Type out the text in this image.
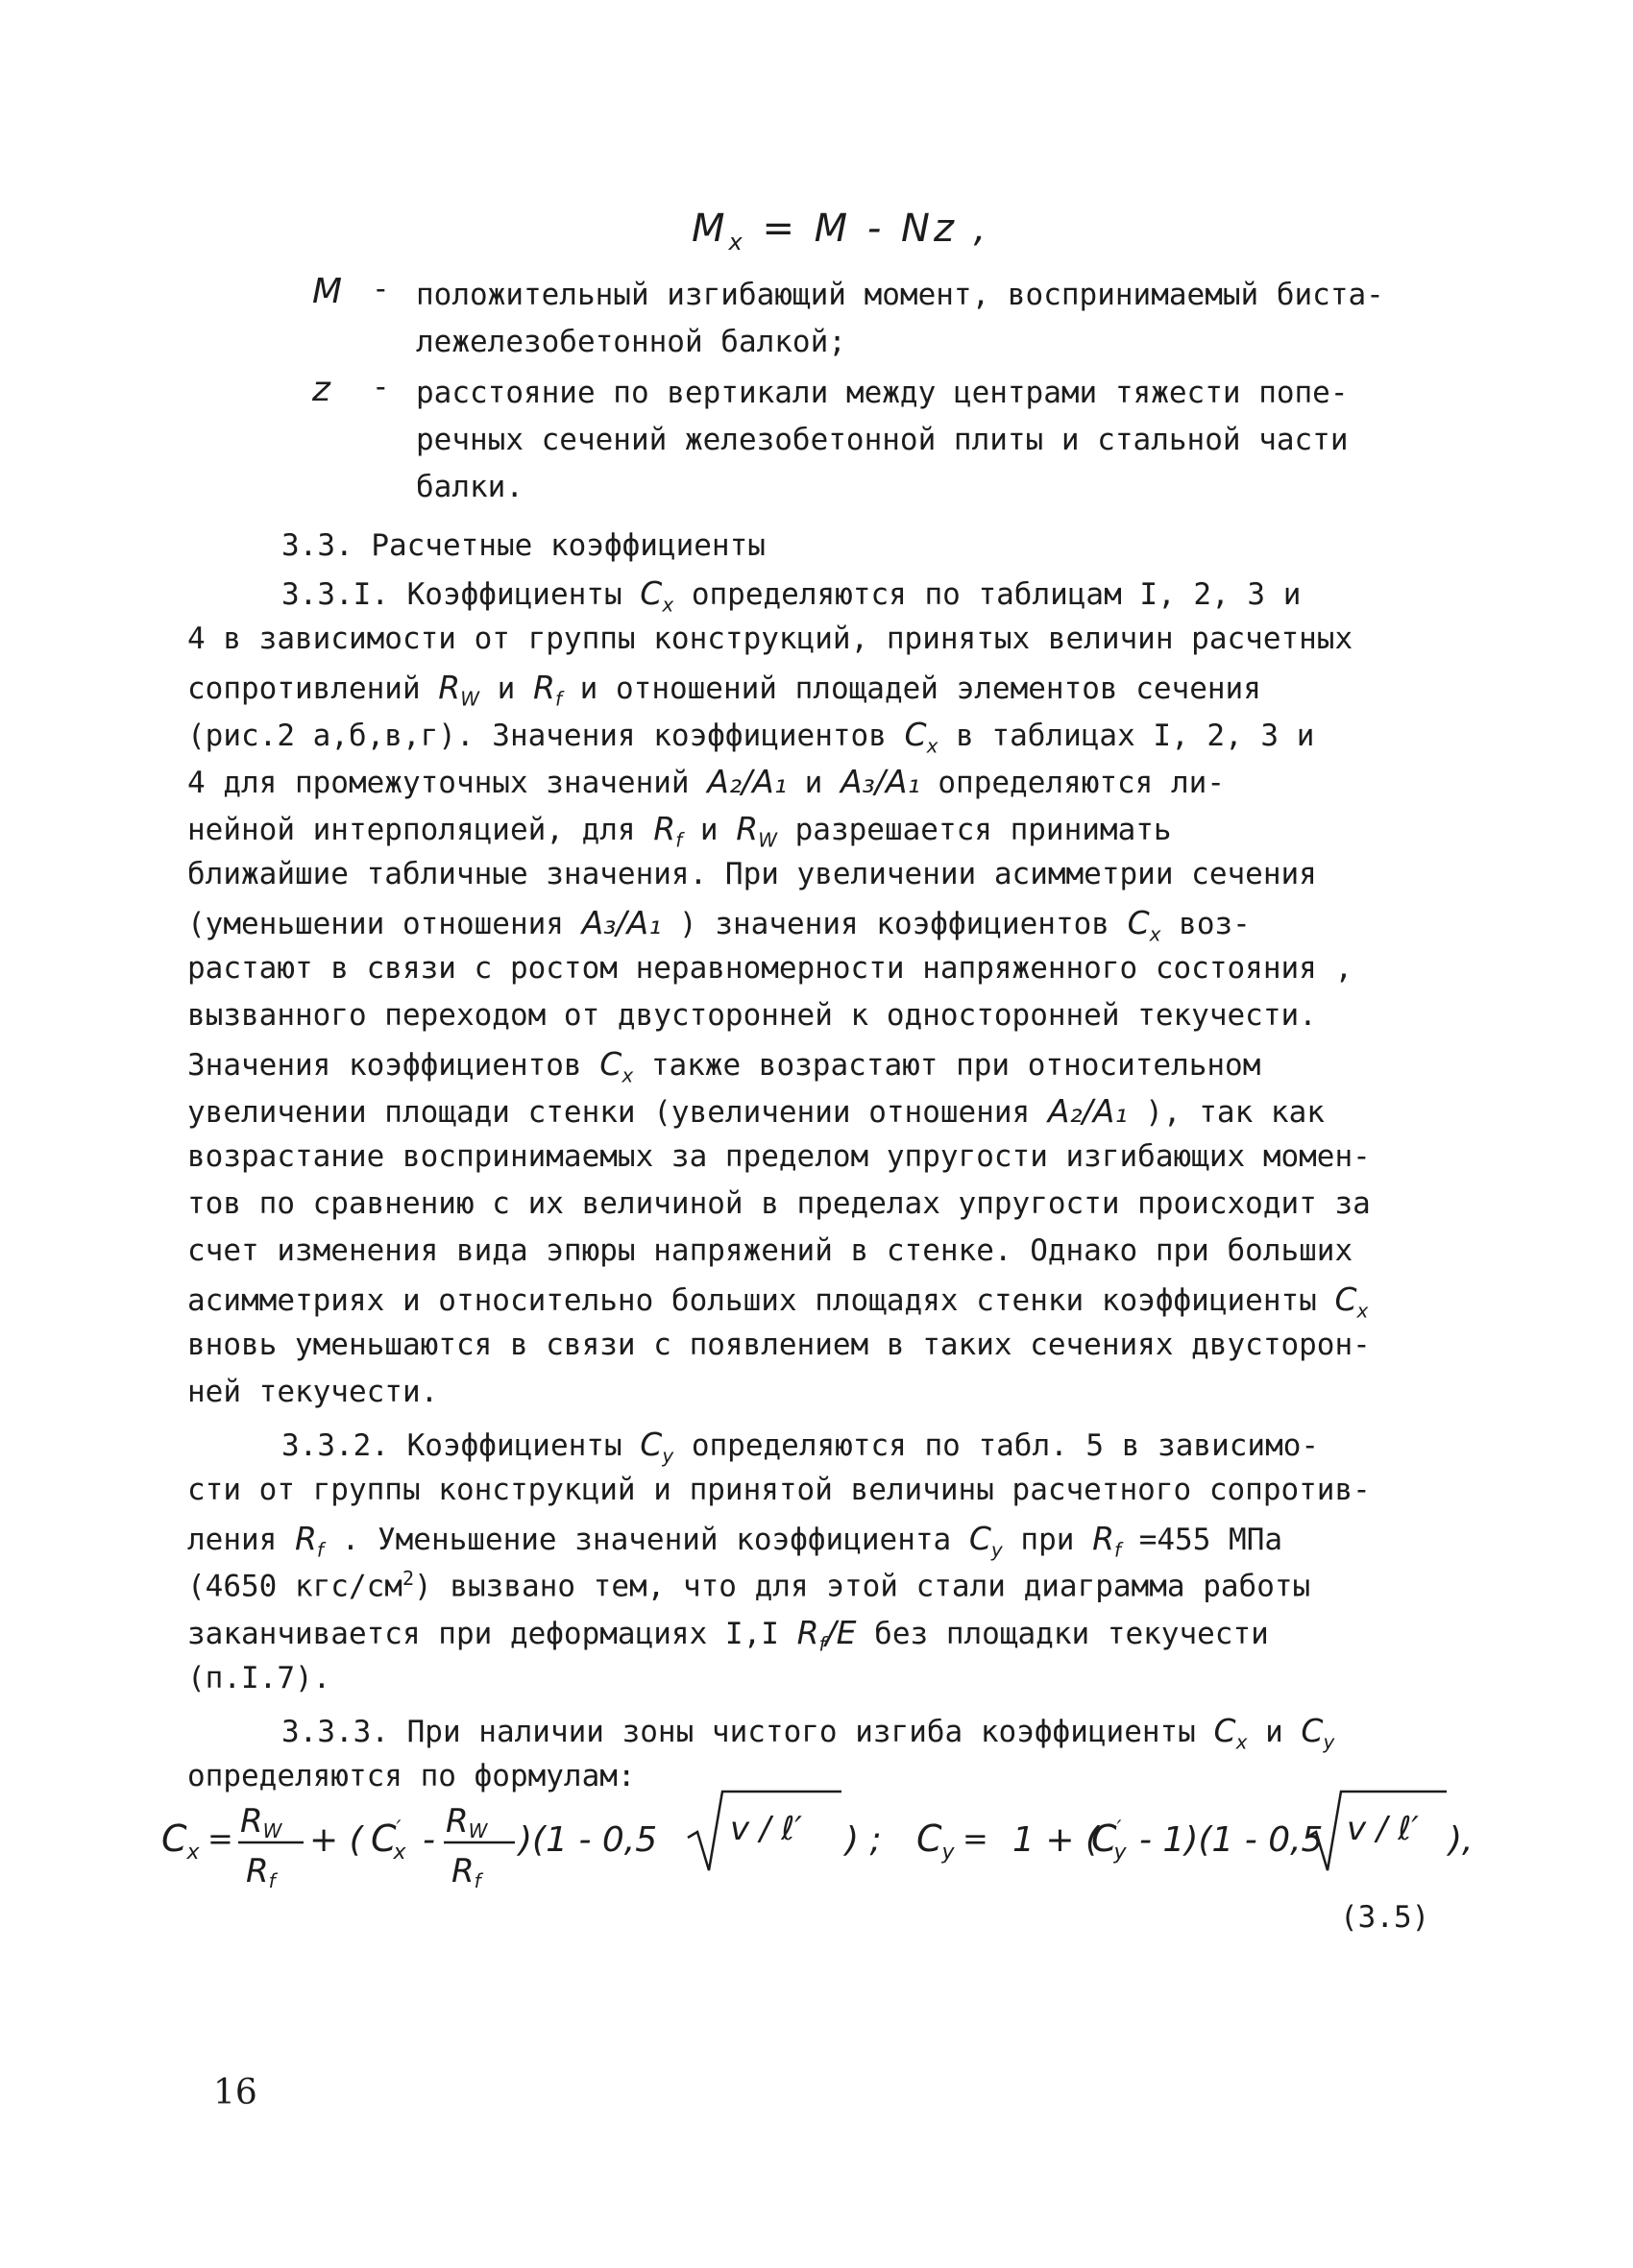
$M_x = M - Nz$ ,
M - положительный изгибающий момент, воспринимаемый биста-
лежелезобетонной балкой;
z	- расстояние по вертикали между центрами тяжести попе-
речных сечений железобетонной плиты и стальной части
балки.
3.3. Расчетные коэффициенты
3.3.I. Коэффициенты $C_x$ определяются по таблицам I, 2, 3 и
4 в зависимости от группы конструкций, принятых величин расчетных
сопротивлений $R_W$ и $R_f$ и отношений площадей элементов сечения
(рис.2 а,б,в,г). Значения коэффициентов $C_x$ в таблицах I, 2, 3 и
4 для промежуточных значений A₂/A₁ и A₃/A₁ определяются ли-
нейной интерполяцией, для $R_f$ и $R_W$ разрешается принимать
ближайшие табличные значения. При увеличении асимметрии сечения
(уменьшении отношения A₃/A₁ ) значения коэффициентов $C_x$ воз-
растают в связи с ростом неравномерности напряженного состояния ,
вызванного переходом от двусторонней к односторонней текучести.
Значения коэффициентов $C_x$ также возрастают при относительном
увеличении площади стенки (увеличении отношения A₂/A₁ ), так как
возрастание воспринимаемых за пределом упругости изгибающих момен-
тов по сравнению с их величиной в пределах упругости происходит за
счет изменения вида эпюры напряжений в стенке. Однако при больших
асимметриях и относительно больших площадях стенки коэффициенты $C_x$
вновь уменьшаются в связи с появлением в таких сечениях двусторон-
ней текучести.
3.3.2. Коэффициенты $C_y$ определяются по табл. 5 в зависимо-
сти от группы конструкций и принятой величины расчетного сопротив-
ления $R_f$ . Уменьшение значений коэффициента $C_y$ при $R_f =455$ МПа
(4650 кгс/$см^2$) вызвано тем, что для этой стали диаграмма работы
заканчивается при деформациях I,I $R_f/E$ без площадки текучести
(п.I.7).
3.3.3. При наличии зоны чистого изгиба коэффициенты $C_x$ и $C_y$
определяются по формулам:
$C_x$ = RW
Rf
+ ( C′ x - RW
Rf
)(1 - 0,5 v / ℓ′ ) ; $C_y = 1$ + (
C′ y - 1)(1 - 0,5 v / ℓ′ ),
(3.5)
16
